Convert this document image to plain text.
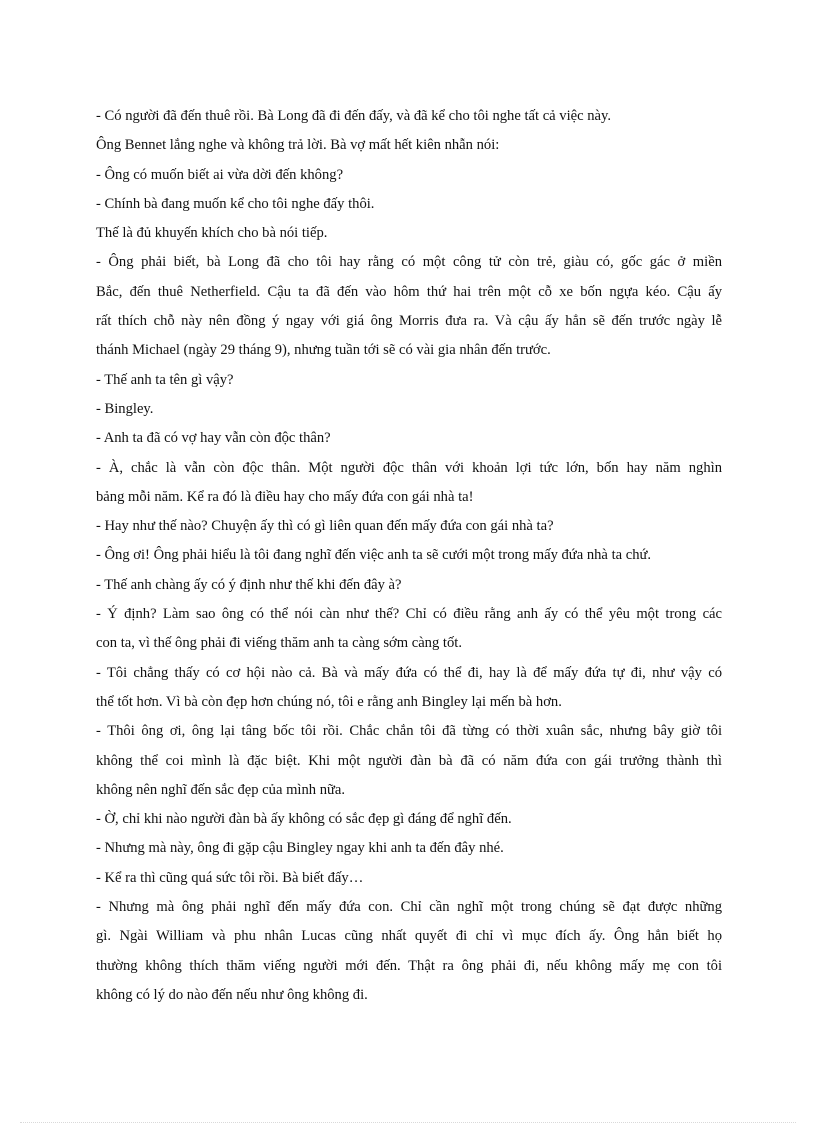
- Có người đã đến thuê rồi. Bà Long đã đi đến đấy, và đã kể cho tôi nghe tất cả việc này.

Ông Bennet lắng nghe và không trả lời. Bà vợ mất hết kiên nhẫn nói:

- Ông có muốn biết ai vừa dời đến không?

- Chính bà đang muốn kể cho tôi nghe đấy thôi.

Thế là đủ khuyến khích cho bà nói tiếp.

- Ông phải biết, bà Long đã cho tôi hay rằng có một công tử còn trẻ, giàu có, gốc gác ở miền

Bắc, đến thuê Netherfield. Cậu ta đã đến vào hôm thứ hai trên một cỗ xe bốn ngựa kéo. Cậu ấy

rất thích chỗ này nên đồng ý ngay với giá ông Morris đưa ra. Và cậu ấy hẳn sẽ đến trước ngày lễ

thánh Michael (ngày 29 tháng 9), nhưng tuần tới sẽ có vài gia nhân đến trước.

- Thế anh ta tên gì vậy?

- Bingley.

- Anh ta đã có vợ hay vẫn còn độc thân?

- À, chắc là vẫn còn độc thân. Một người độc thân với khoản lợi tức lớn, bốn hay năm nghìn

bảng mỗi năm. Kể ra đó là điều hay cho mấy đứa con gái nhà ta!

- Hay như thế nào? Chuyện ấy thì có gì liên quan đến mấy đứa con gái nhà ta?

- Ông ơi! Ông phải hiểu là tôi đang nghĩ đến việc anh ta sẽ cưới một trong mấy đứa nhà ta chứ.

- Thế anh chàng ấy có ý định như thế khi đến đây à?

- Ý định? Làm sao ông có thể nói càn như thế? Chỉ có điều rằng anh ấy có thể yêu một trong các

con ta, vì thế ông phải đi viếng thăm anh ta càng sớm càng tốt.

- Tôi chẳng thấy có cơ hội nào cả. Bà và mấy đứa có thể đi, hay là để mấy đứa tự đi, như vậy có

thể tốt hơn. Vì bà còn đẹp hơn chúng nó, tôi e rằng anh Bingley lại mến bà hơn.

- Thôi ông ơi, ông lại tâng bốc tôi rồi. Chắc chắn tôi đã từng có thời xuân sắc, nhưng bây giờ tôi

không thể coi mình là đặc biệt. Khi một người đàn bà đã có năm đứa con gái trưởng thành thì

không nên nghĩ đến sắc đẹp của mình nữa.

- Ờ, chỉ khi nào người đàn bà ấy không có sắc đẹp gì đáng để nghĩ đến.

- Nhưng mà này, ông đi gặp cậu Bingley ngay khi anh ta đến đây nhé.

- Kể ra thì cũng quá sức tôi rồi. Bà biết đấy…

- Nhưng mà ông phải nghĩ đến mấy đứa con. Chỉ cần nghĩ một trong chúng sẽ đạt được những

gì. Ngài William và phu nhân Lucas cũng nhất quyết đi chỉ vì mục đích ấy. Ông hẳn biết họ

thường không thích thăm viếng người mới đến. Thật ra ông phải đi, nếu không mấy mẹ con tôi

không có lý do nào đến nếu như ông không đi.
